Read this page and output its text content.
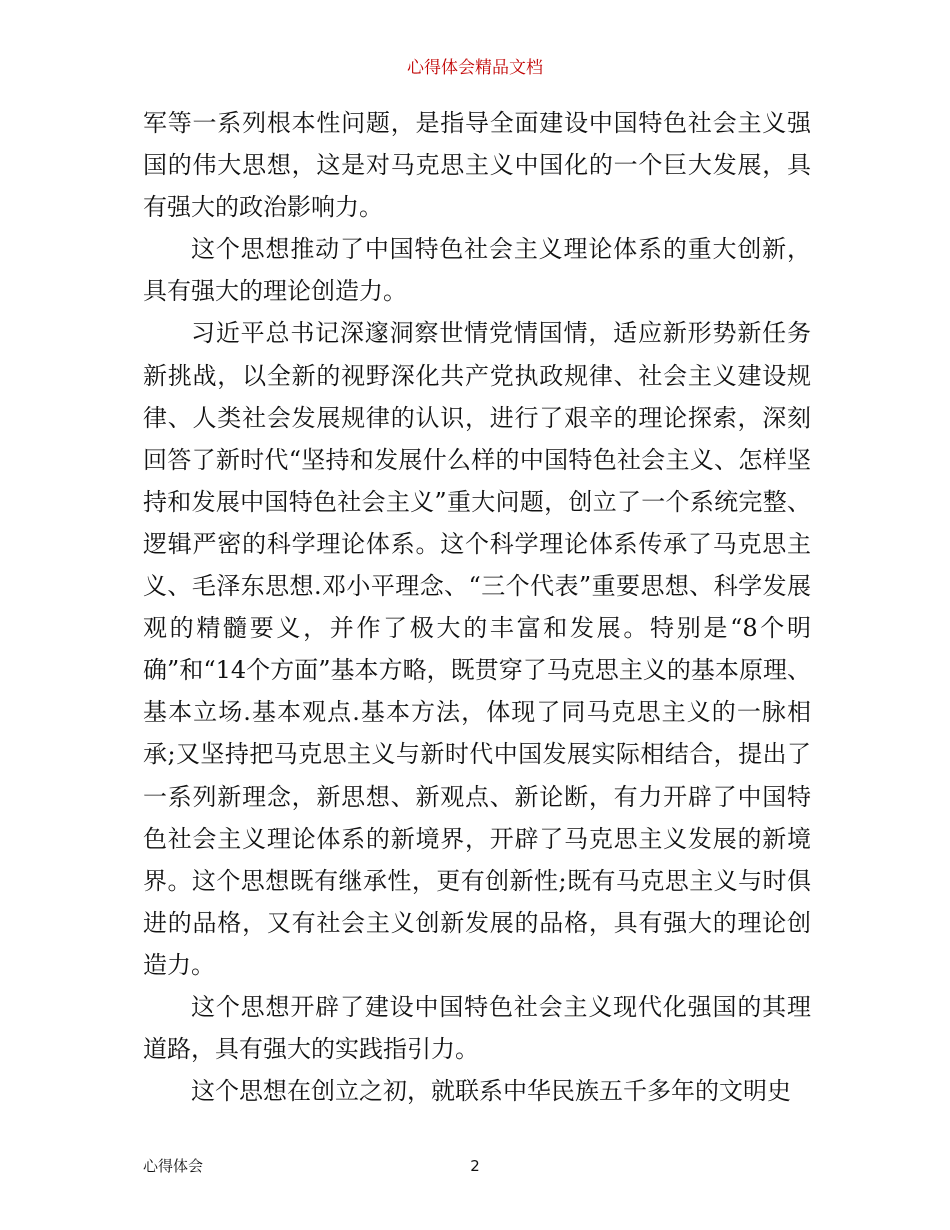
心得体会精品文档

军等一系列根本性问题，是指导全面建设中国特色社会主义强国的伟大思想，这是对马克思主义中国化的一个巨大发展，具有强大的政治影响力。

这个思想推动了中国特色社会主义理论体系的重大创新，具有强大的理论创造力。

习近平总书记深邃洞察世情党情国情，适应新形势新任务新挑战，以全新的视野深化共产党执政规律、社会主义建设规律、人类社会发展规律的认识，进行了艰辛的理论探索，深刻回答了新时代“坚持和发展什么样的中国特色社会主义、怎样坚持和发展中国特色社会主义”重大问题，创立了一个系统完整、逻辑严密的科学理论体系。这个科学理论体系传承了马克思主义、毛泽东思想.邓小平理念、“三个代表”重要思想、科学发展观的精髓要义，并作了极大的丰富和发展。特别是“8个明确”和“14个方面”基本方略，既贯穿了马克思主义的基本原理、基本立场.基本观点.基本方法，体现了同马克思主义的一脉相承;又坚持把马克思主义与新时代中国发展实际相结合，提出了一系列新理念，新思想、新观点、新论断，有力开辟了中国特色社会主义理论体系的新境界，开辟了马克思主义发展的新境界。这个思想既有继承性，更有创新性;既有马克思主义与时俱进的品格，又有社会主义创新发展的品格，具有强大的理论创造力。

这个思想开辟了建设中国特色社会主义现代化强国的其理道路，具有强大的实践指引力。

这个思想在创立之初，就联系中华民族五千多年的文明史

心得体会	2
